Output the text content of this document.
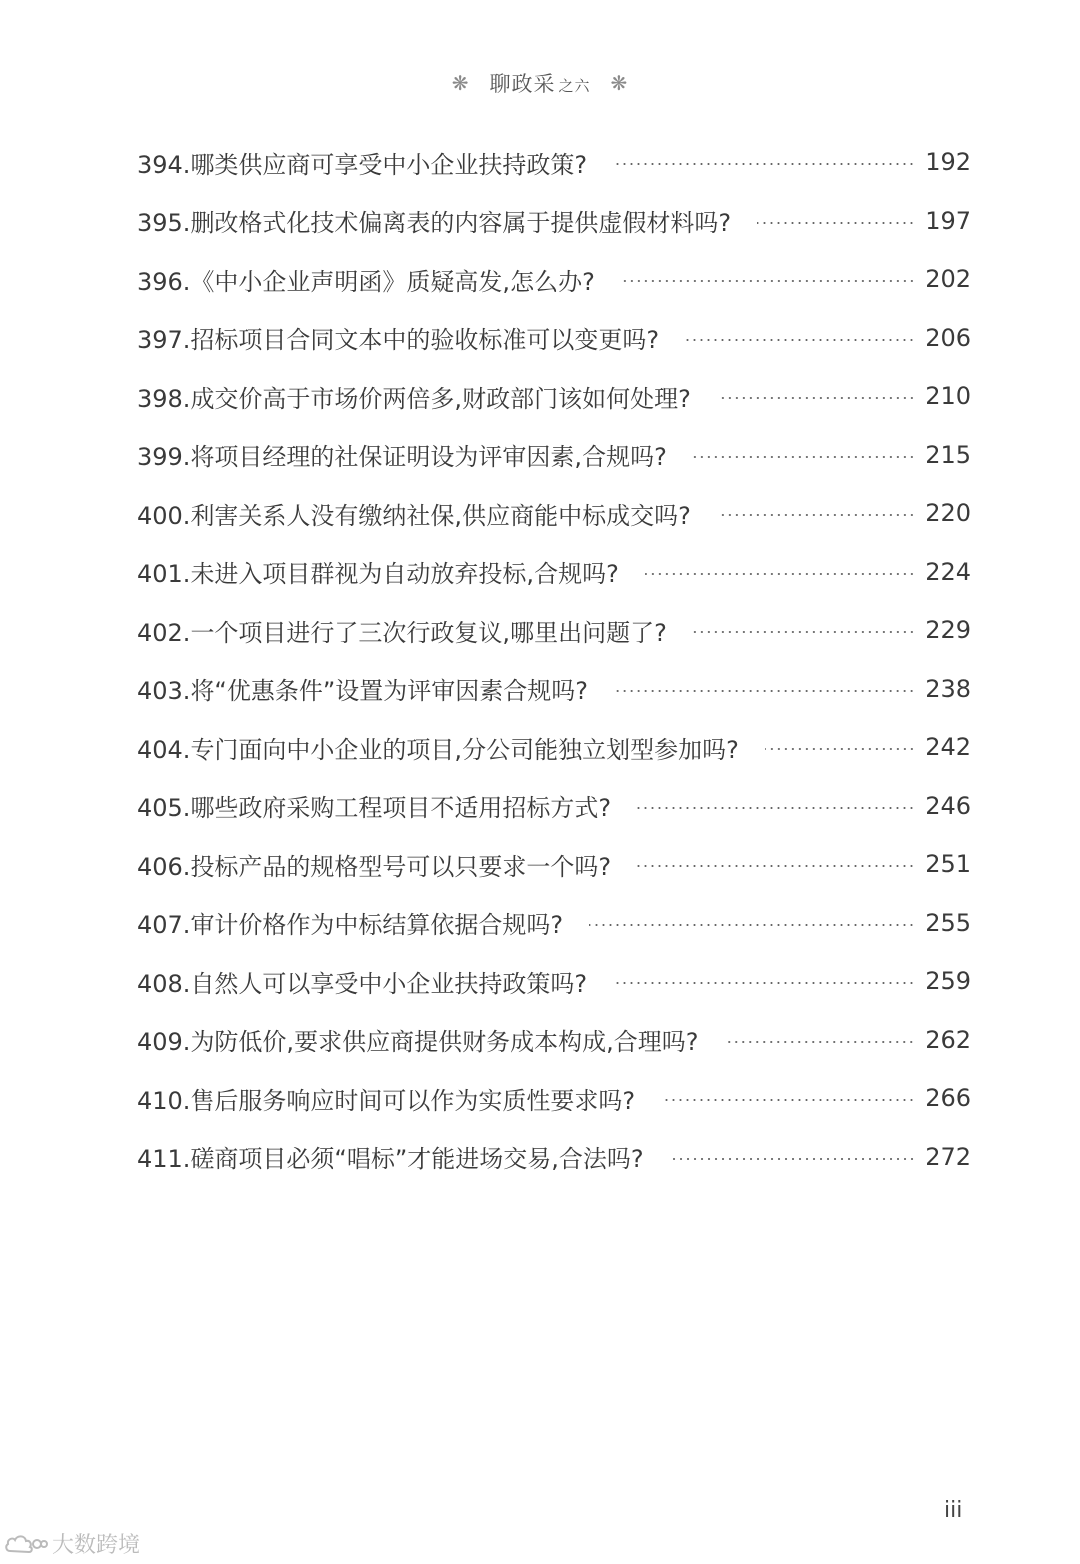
❋ 聊政采 之六 ❋
394.哪类供应商可享受中小企业扶持政策?	192
395.删改格式化技术偏离表的内容属于提供虚假材料吗?	197
396.《中小企业声明函》质疑高发,怎么办?	202
397.招标项目合同文本中的验收标准可以变更吗?	206
398.成交价高于市场价两倍多,财政部门该如何处理?	210
399.将项目经理的社保证明设为评审因素,合规吗?	215
400.利害关系人没有缴纳社保,供应商能中标成交吗?	220
401.未进入项目群视为自动放弃投标,合规吗?	224
402.一个项目进行了三次行政复议,哪里出问题了?	229
403.将“优惠条件”设置为评审因素合规吗?	238
404.专门面向中小企业的项目,分公司能独立划型参加吗?	242
405.哪些政府采购工程项目不适用招标方式?	246
406.投标产品的规格型号可以只要求一个吗?	251
407.审计价格作为中标结算依据合规吗?	255
408.自然人可以享受中小企业扶持政策吗?	259
409.为防低价,要求供应商提供财务成本构成,合理吗?	262
410.售后服务响应时间可以作为实质性要求吗?	266
411.磋商项目必须“唱标”才能进场交易,合法吗?	272
iii
大数跨境
